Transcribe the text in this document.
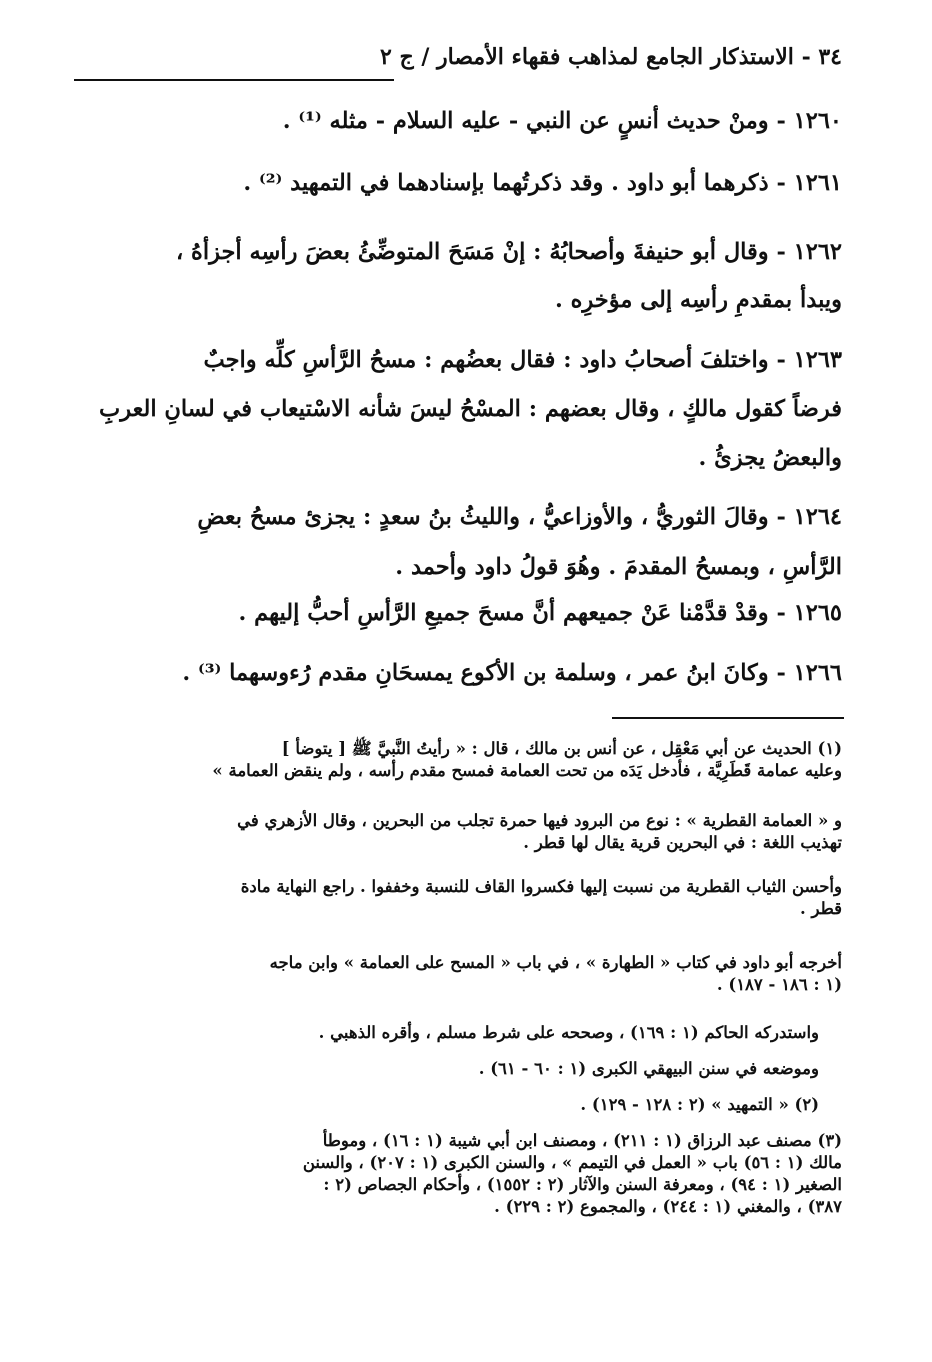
٣٤ - الاستذكار الجامع لمذاهب فقهاء الأمصار / ج ٢
١٢٦٠ - ومنْ حديث أنسٍ عن النبي - عليه السلام - مثله ⁽¹⁾ .
١٢٦١ - ذكرهما أبو داود . وقد ذكرتُهما بإسنادهما في التمهيد ⁽²⁾ .
١٢٦٢ - وقال أبو حنيفةَ وأصحابُهُ : إنْ مَسَحَ المتوضِّئُ بعضَ رأسِه أجزأهُ ،
ويبدأ بمقدمِ رأسِه إلى مؤخرِه .
١٢٦٣ - واختلفَ أصحابُ داود : فقال بعضُهم : مسحُ الرَّأسِ كلِّه واجبٌ
فرضاً كقول مالكٍ ، وقال بعضهم : المسْحُ ليسَ شأنه الاسْتيعاب في لسانِ العربِ
والبعضُ يجزئُ .
١٢٦٤ - وقالَ الثوريُّ ، والأوزاعيُّ ، والليثُ بنُ سعدٍ : يجزئ مسحُ بعضِ
الرَّأسِ ، وبمسحُ المقدمَ . وهُوَ قولُ داود وأحمد .
١٢٦٥ - وقدْ قدَّمْنا عَنْ جميعهم أنَّ مسحَ جميعِ الرَّأسِ أحبُّ إليهم .
١٢٦٦ - وكانَ ابنُ عمر ، وسلمة بن الأكوع يمسحَانِ مقدم رُءوسهما ⁽³⁾ .
(١) الحديث عن أبي مَعْقِل ، عن أنس بن مالك ، قال : « رأيتُ النَّبيَّ ﷺ [ يتوضأ ]
وعليه عمامة قَطَرِيَّة ، فأدخل يَدَه من تحت العمامة فمسح مقدم رأسه ، ولم ينقض العمامة »
و « العمامة القطرية » : نوع من البرود فيها حمرة تجلب من البحرين ، وقال الأزهري في
تهذيب اللغة : في البحرين قرية يقال لها قطر .
وأحسن الثياب القطرية من نسبت إليها فكسروا القاف للنسبة وخففوا . راجع النهاية مادة
قطر .
أخرجه أبو داود في كتاب « الطهارة » ، في باب « المسح على العمامة » وابن ماجه
(١ : ١٨٦ - ١٨٧) .
واستدركه الحاكم (١ : ١٦٩) ، وصححه على شرط مسلم ، وأقره الذهبي .
وموضعه في سنن البيهقي الكبرى (١ : ٦٠ - ٦١) .
(٢) « التمهيد » (٢ : ١٢٨ - ١٢٩) .
(٣) مصنف عبد الرزاق (١ : ٢١١) ، ومصنف ابن أبي شيبة (١ : ١٦) ، وموطأ
مالك (١ : ٥٦) باب « العمل في التيمم » ، والسنن الكبرى (١ : ٢٠٧) ، والسنن
الصغير (١ : ٩٤) ، ومعرفة السنن والآثار (٢ : ١٥٥٢) ، وأحكام الجصاص (٢ :
٣٨٧) ، والمغني (١ : ٢٤٤) ، والمجموع (٢ : ٢٢٩) .
